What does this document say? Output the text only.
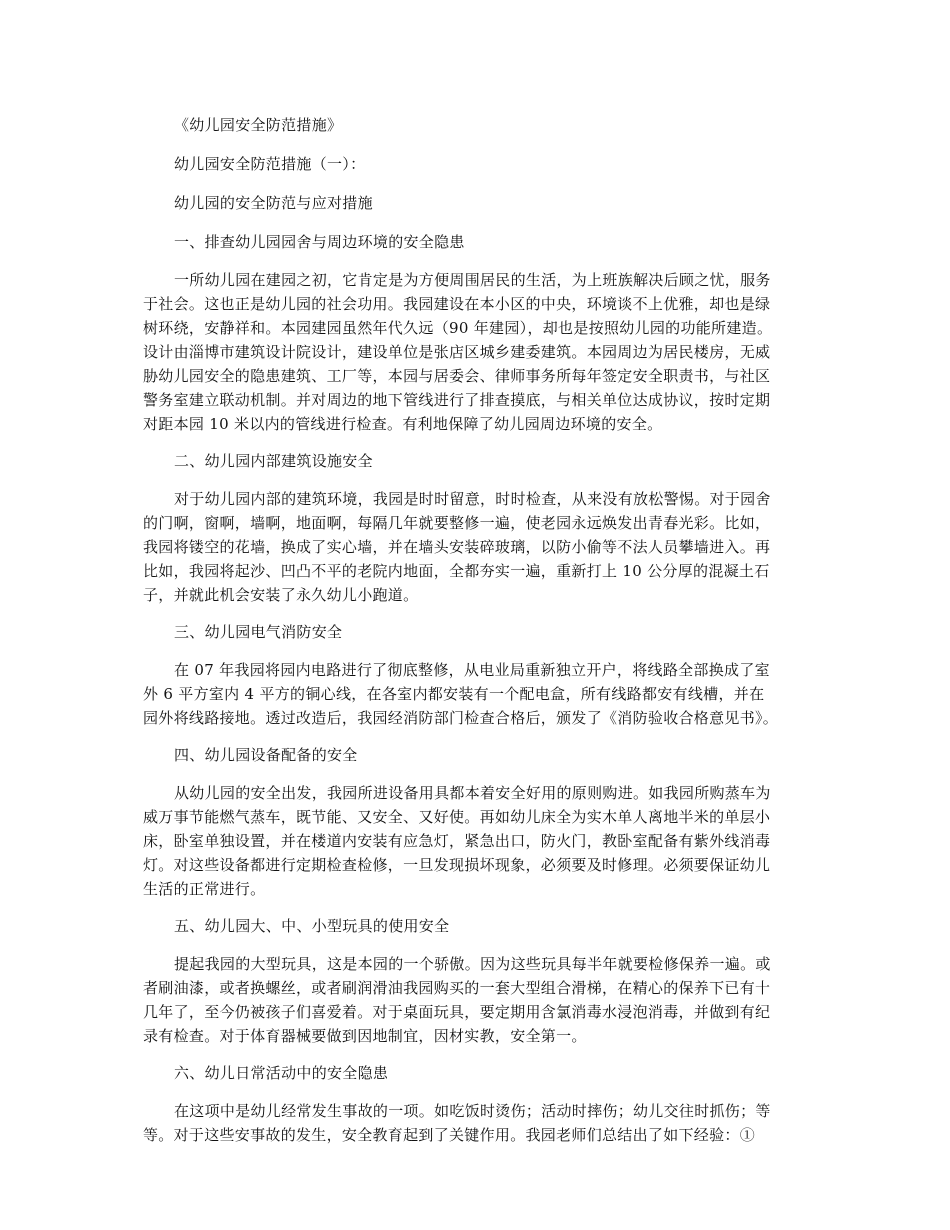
《幼儿园安全防范措施》
幼儿园安全防范措施（一）：
幼儿园的安全防范与应对措施
一、排查幼儿园园舍与周边环境的安全隐患
一所幼儿园在建园之初，它肯定是为方便周围居民的生活，为上班族解决后顾之忧，服务
于社会。这也正是幼儿园的社会功用。我园建设在本小区的中央，环境谈不上优雅，却也是绿
树环绕，安静祥和。本园建园虽然年代久远（90 年建园），却也是按照幼儿园的功能所建造。
设计由淄博市建筑设计院设计，建设单位是张店区城乡建委建筑。本园周边为居民楼房，无威
胁幼儿园安全的隐患建筑、工厂等，本园与居委会、律师事务所每年签定安全职责书，与社区
警务室建立联动机制。并对周边的地下管线进行了排查摸底，与相关单位达成协议，按时定期
对距本园 10 米以内的管线进行检查。有利地保障了幼儿园周边环境的安全。
二、幼儿园内部建筑设施安全
对于幼儿园内部的建筑环境，我园是时时留意，时时检查，从来没有放松警惕。对于园舍
的门啊，窗啊，墙啊，地面啊，每隔几年就要整修一遍，使老园永远焕发出青春光彩。比如，
我园将镂空的花墙，换成了实心墙，并在墙头安装碎玻璃，以防小偷等不法人员攀墙进入。再
比如，我园将起沙、凹凸不平的老院内地面，全都夯实一遍，重新打上 10 公分厚的混凝土石
子，并就此机会安装了永久幼儿小跑道。
三、幼儿园电气消防安全
在 07 年我园将园内电路进行了彻底整修，从电业局重新独立开户，将线路全部换成了室
外 6 平方室内 4 平方的铜心线，在各室内都安装有一个配电盒，所有线路都安有线槽，并在
园外将线路接地。透过改造后，我园经消防部门检查合格后，颁发了《消防验收合格意见书》。
四、幼儿园设备配备的安全
从幼儿园的安全出发，我园所进设备用具都本着安全好用的原则购进。如我园所购蒸车为
威万事节能燃气蒸车，既节能、又安全、又好使。再如幼儿床全为实木单人离地半米的单层小
床，卧室单独设置，并在楼道内安装有应急灯，紧急出口，防火门，教卧室配备有紫外线消毒
灯。对这些设备都进行定期检查检修，一旦发现损坏现象，必须要及时修理。必须要保证幼儿
生活的正常进行。
五、幼儿园大、中、小型玩具的使用安全
提起我园的大型玩具，这是本园的一个骄傲。因为这些玩具每半年就要检修保养一遍。或
者刷油漆，或者换螺丝，或者刷润滑油我园购买的一套大型组合滑梯，在精心的保养下已有十
几年了，至今仍被孩子们喜爱着。对于桌面玩具，要定期用含氯消毒水浸泡消毒，并做到有纪
录有检查。对于体育器械要做到因地制宜，因材实教，安全第一。
六、幼儿日常活动中的安全隐患
在这项中是幼儿经常发生事故的一项。如吃饭时烫伤；活动时摔伤；幼儿交往时抓伤；等
等。对于这些安事故的发生，安全教育起到了关键作用。我园老师们总结出了如下经验：①
